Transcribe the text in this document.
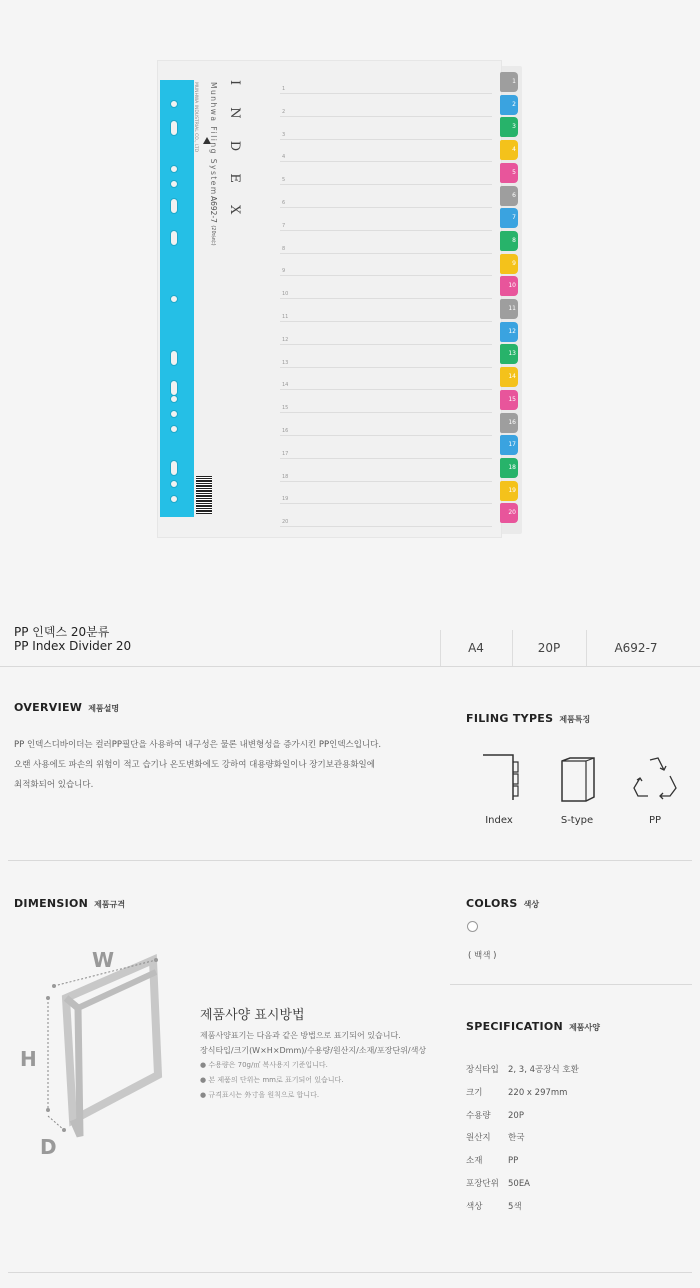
I N D E X
Munhwa Filing System
A692-7 (20분류)
MUNHWA INDUSTRIAL CO., LTD	1
2
3
4
5
6
7
8
9
10
11
12
13
14
15
16
17
18
19
20
1
2
3
4
5
6
7
8
9
10
11
12
13
14
15
16
17
18
19
20
PP 인덱스 20분류
PP Index Divider 20	A4	20P	A692-7
OVERVIEW 제품설명
PP 인덱스디바이더는 컬러PP필단을 사용하여 내구성은 물론 내변형성을 증가시킨 PP인덱스입니다.
오랜 사용에도 파손의 위험이 적고 습기나 온도변화에도 강하여 대용량화일이나 장기보관용화일에
최적화되어 있습니다.
FILING TYPES 제품특징
Index	S-type	PP
DIMENSION 제품규격
W
H
D
제품사양 표시방법
제품사양표기는 다음과 같은 방법으로 표기되어 있습니다.
장식타입/크기(W×H×Dmm)/수용량/원산지/소재/포장단위/색상
● 수용량은 70g/㎡ 복사용지 기준입니다.
● 본 제품의 단위는 mm로 표기되어 있습니다.
● 규격표시는 外寸을 원칙으로 합니다.
COLORS 색상
( 백색 )
SPECIFICATION 제품사양
장식타입 2, 3, 4공장식 호환
크기	220 x 297mm
수용량 20P
원산지 한국
소재	PP
포장단위 50EA
색상	5색
